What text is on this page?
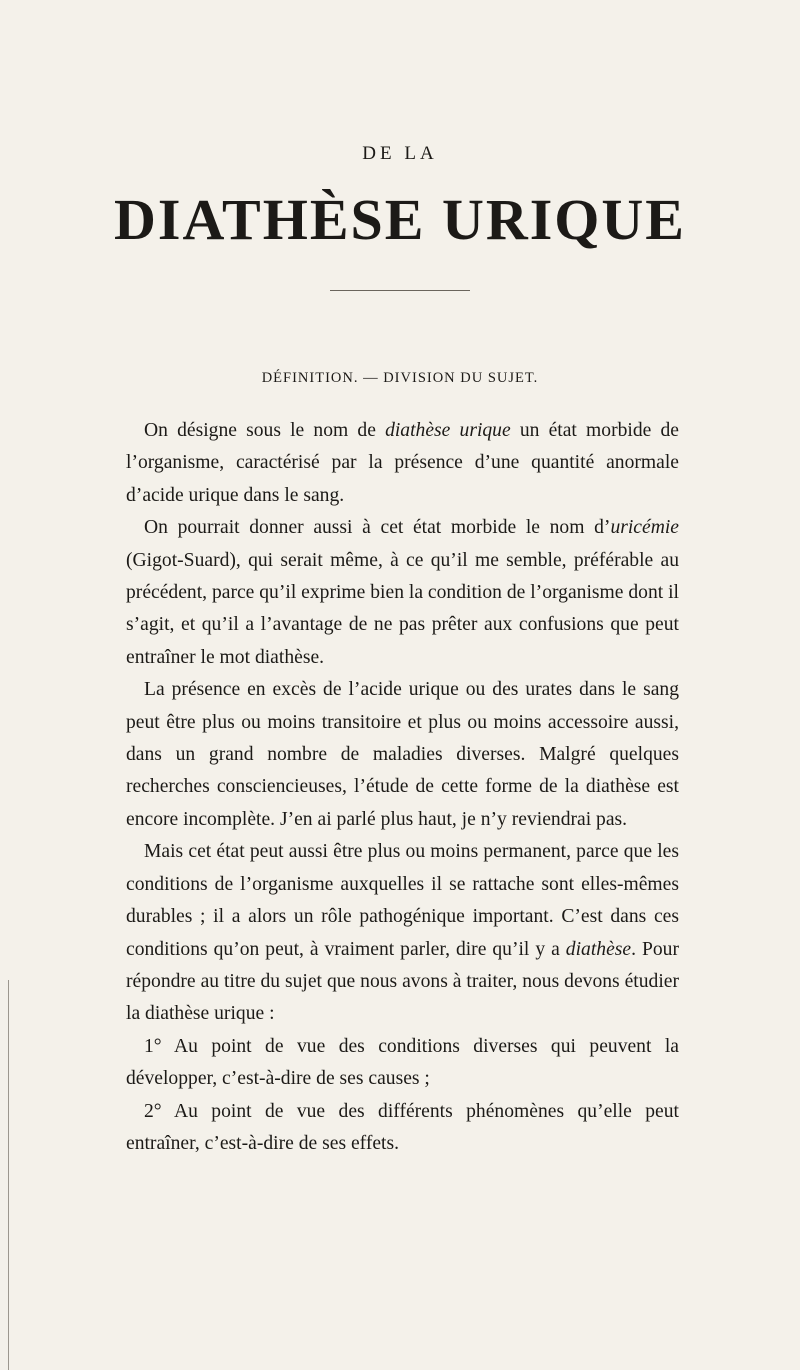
DE LA
DIATHÈSE URIQUE
DÉFINITION. — DIVISION DU SUJET.

On désigne sous le nom de diathèse urique un état morbide de l’organisme, caractérisé par la présence d’une quantité anormale d’acide urique dans le sang.

On pourrait donner aussi à cet état morbide le nom d’uricémie (Gigot-Suard), qui serait même, à ce qu’il me semble, préférable au précédent, parce qu’il exprime bien la condition de l’organisme dont il s’agit, et qu’il a l’avantage de ne pas prêter aux confusions que peut entraîner le mot diathèse.

La présence en excès de l’acide urique ou des urates dans le sang peut être plus ou moins transitoire et plus ou moins accessoire aussi, dans un grand nombre de maladies diverses. Malgré quelques recherches consciencieuses, l’étude de cette forme de la diathèse est encore incomplète. J’en ai parlé plus haut, je n’y reviendrai pas.

Mais cet état peut aussi être plus ou moins permanent, parce que les conditions de l’organisme auxquelles il se rattache sont elles-mêmes durables ; il a alors un rôle pathogénique important. C’est dans ces conditions qu’on peut, à vraiment parler, dire qu’il y a diathèse. Pour répondre au titre du sujet que nous avons à traiter, nous devons étudier la diathèse urique :

1° Au point de vue des conditions diverses qui peuvent la développer, c’est-à-dire de ses causes ;

2° Au point de vue des différents phénomènes qu’elle peut entraîner, c’est-à-dire de ses effets.
